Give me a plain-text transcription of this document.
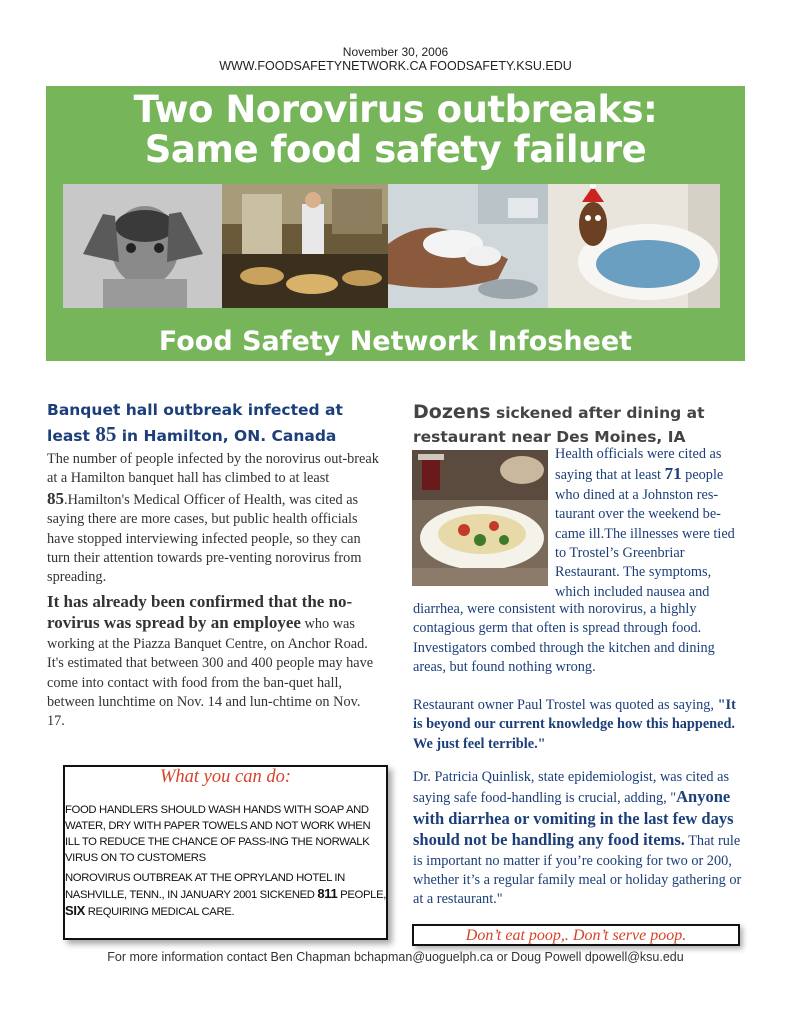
November 30, 2006
WWW.FOODSAFETYNETWORK.CA FOODSAFETY.KSU.EDU
Two Norovirus outbreaks:
Same food safety failure
Food Safety Network Infosheet
Banquet hall outbreak infected at least 85 in Hamilton, ON. Canada
The number of people infected by the norovirus out-break at a Hamilton banquet hall has climbed to at least 85.Hamilton's Medical Officer of Health, was cited as saying there are more cases, but public health officials have stopped interviewing infected people, so they can turn their attention towards pre-venting norovirus from spreading.
It has already been confirmed that the no-rovirus was spread by an employee who was working at the Piazza Banquet Centre, on Anchor Road. It's estimated that between 300 and 400 people may have come into contact with food from the ban-quet hall, between lunchtime on Nov. 14 and lun-chtime on Nov. 17.
What you can do:

FOOD HANDLERS SHOULD WASH HANDS WITH SOAP AND WATER, DRY WITH PAPER TOWELS AND NOT WORK WHEN ILL TO REDUCE THE CHANCE OF PASS-ING THE NORWALK VIRUS ON TO CUSTOMERS

NOROVIRUS OUTBREAK AT THE OPRYLAND HOTEL IN NASHVILLE, TENN., IN JANUARY 2001 SICKENED 811 PEOPLE, SIX REQUIRING MEDICAL CARE.

Dozens sickened after dining at restaurant near Des Moines, IA
Health officials were cited as saying that at least 71 people who dined at a Johnston res-taurant over the weekend be-came ill.The illnesses were tied to Trostel’s Greenbriar Restaurant. The symptoms, which included nausea and
diarrhea, were consistent with norovirus, a highly contagious germ that often is spread through food. Investigators combed through the kitchen and dining areas, but found nothing wrong.
Restaurant owner Paul Trostel was quoted as saying, "It is beyond our current knowledge how this happened. We just feel terrible."
Dr. Patricia Quinlisk, state epidemiologist, was cited as saying safe food-handling is crucial, adding, "Anyone with diarrhea or vomiting in the last few days should not be handling any food items. That rule is important no matter if you’re cooking for two or 200, whether it’s a regular family meal or holiday gathering or at a restaurant."
Don’t eat poop,. Don’t serve poop.
For more information contact Ben Chapman bchapman@uoguelph.ca or Doug Powell dpowell@ksu.edu
